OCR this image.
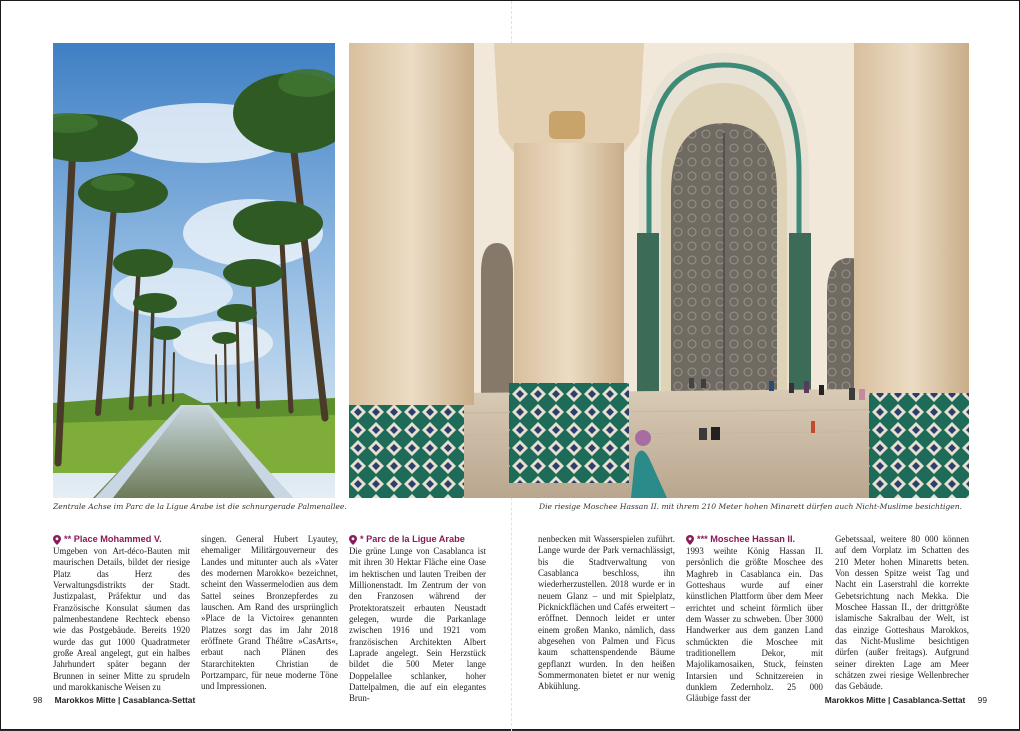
Zentrale Achse im Parc de la Ligue Arabe ist die schnurgerade Palmenallee.	Die riesige Moschee Hassan II. mit ihrem 210 Meter hohen Minarett dürfen auch Nicht-Muslime besichtigen.
** Place Mohammed V.

Umgeben von Art-déco-Bauten mit maurischen Details, bildet der riesige Platz das Herz des Verwaltungsdistrikts der Stadt. Justizpalast, Präfektur und das Französische Konsulat säumen das palmenbestandene Rechteck ebenso wie das Postgebäude. Bereits 1920 wurde das gut 1000 Quadratmeter große Areal angelegt, gut ein halbes Jahrhundert später begann der Brunnen in seiner Mitte zu sprudeln und marokkanische Weisen zu

singen. General Hubert Lyautey, ehemaliger Militärgouverneur des Landes und mitunter auch als »Vater des modernen Marokko« bezeichnet, scheint den Wassermelodien aus dem Sattel seines Bronzepferdes zu lauschen. Am Rand des ursprünglich »Place de la Victoire« genannten Platzes sorgt das im Jahr 2018 eröffnete Grand Théâtre »CasArts«, erbaut nach Plänen des Stararchitekten Christian de Portzamparc, für neue moderne Töne und Impressionen.

* Parc de la Ligue Arabe

Die grüne Lunge von Casablanca ist mit ihren 30 Hektar Fläche eine Oase im hektischen und lauten Treiben der Millionenstadt. Im Zentrum der von den Franzosen während der Protektoratszeit erbauten Neustadt gelegen, wurde die Parkanlage zwischen 1916 und 1921 vom französischen Architekten Albert Laprade angelegt. Sein Herzstück bildet die 500 Meter lange Doppelallee schlanker, hoher Dattelpalmen, die auf ein elegantes Brun-

nenbecken mit Wasserspielen zuführt. Lange wurde der Park vernachlässigt, bis die Stadtverwaltung von Casablanca beschloss, ihn wiederherzustellen. 2018 wurde er in neuem Glanz – und mit Spielplatz, Picknickflächen und Cafés erweitert – eröffnet. Dennoch leidet er unter einem großen Manko, nämlich, dass abgesehen von Palmen und Ficus kaum schattenspendende Bäume gepflanzt wurden. In den heißen Sommermonaten bietet er nur wenig Abkühlung.

*** Moschee Hassan II.

1993 weihte König Hassan II. persönlich die größte Moschee des Maghreb in Casablanca ein. Das Gotteshaus wurde auf einer künstlichen Plattform über dem Meer errichtet und scheint förmlich über dem Wasser zu schweben. Über 3000 Handwerker aus dem ganzen Land schmückten die Moschee mit traditionellem Dekor, mit Majolikamosaiken, Stuck, feinsten Intarsien und Schnitzereien in dunklem Zedernholz. 25 000 Gläubige fasst der

Gebetssaal, weitere 80 000 können auf dem Vorplatz im Schatten des 210 Meter hohen Minaretts beten. Von dessen Spitze weist Tag und Nacht ein Laserstrahl die korrekte Gebetsrichtung nach Mekka. Die Moschee Hassan II., der drittgrößte islamische Sakralbau der Welt, ist das einzige Gotteshaus Marokkos, das Nicht-Muslime besichtigen dürfen (außer freitags). Aufgrund seiner direkten Lage am Meer schätzen zwei riesige Wellenbrecher das Gebäude.

98 Marokkos Mitte | Casablanca-Settat	Marokkos Mitte | Casablanca-Settat 99
